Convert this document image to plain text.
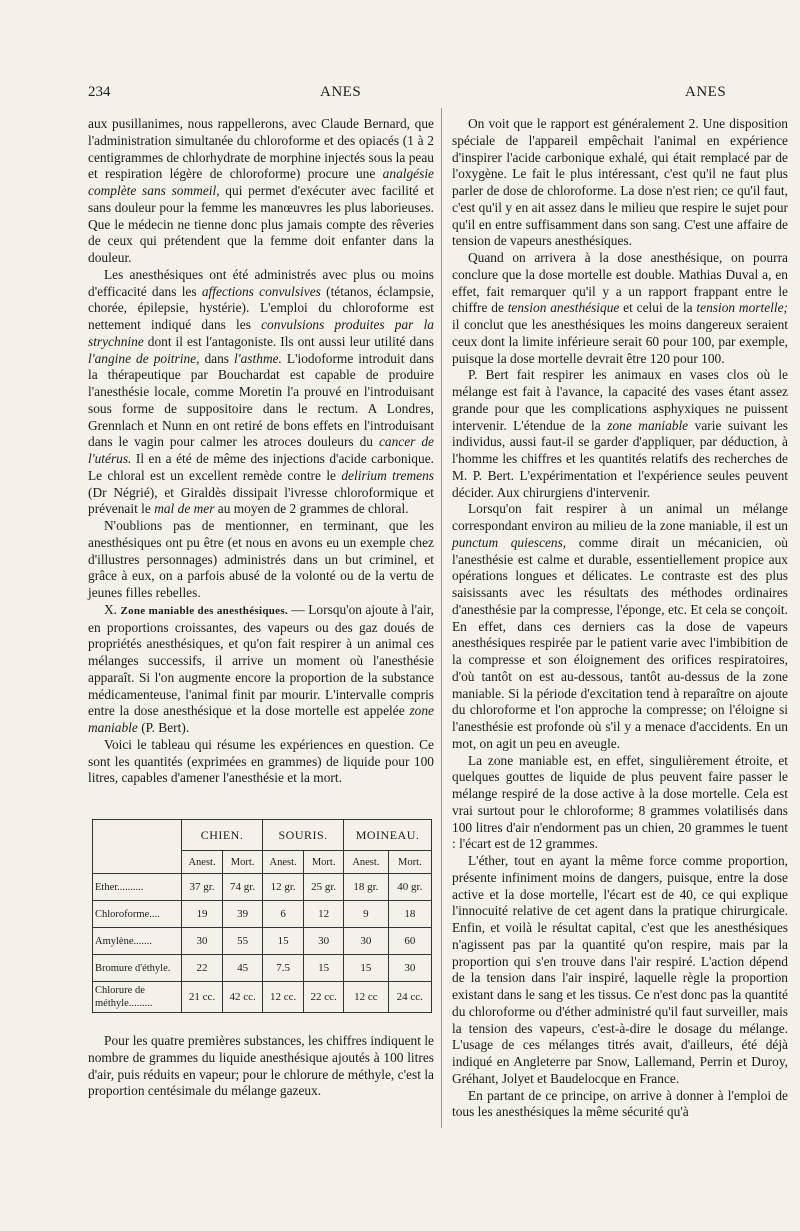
234	ANES	ANES

aux pusillanimes, nous rappellerons, avec Claude Bernard, que l'administration simultanée du chloroforme et des opiacés (1 à 2 centigrammes de chlorhydrate de morphine injectés sous la peau et respiration légère de chloroforme) procure une analgésie complète sans sommeil, qui permet d'exécuter avec facilité et sans douleur pour la femme les manœuvres les plus laborieuses. Que le médecin ne tienne donc plus jamais compte des rêveries de ceux qui prétendent que la femme doit enfanter dans la douleur.

Les anesthésiques ont été administrés avec plus ou moins d'efficacité dans les affections convulsives (tétanos, éclampsie, chorée, épilepsie, hystérie). L'emploi du chloroforme est nettement indiqué dans les convulsions produites par la strychnine dont il est l'antagoniste. Ils ont aussi leur utilité dans l'angine de poitrine, dans l'asthme. L'iodoforme introduit dans la thérapeutique par Bouchardat est capable de produire l'anesthésie locale, comme Moretin l'a prouvé en l'introduisant sous forme de suppositoire dans le rectum. A Londres, Grennlach et Nunn en ont retiré de bons effets en l'introduisant dans le vagin pour calmer les atroces douleurs du cancer de l'utérus. Il en a été de même des injections d'acide carbonique. Le chloral est un excellent remède contre le delirium tremens (Dr Négrié), et Giraldès dissipait l'ivresse chloroformique et prévenait le mal de mer au moyen de 2 grammes de chloral.

N'oublions pas de mentionner, en terminant, que les anesthésiques ont pu être (et nous en avons eu un exemple chez d'illustres personnages) administrés dans un but criminel, et grâce à eux, on a parfois abusé de la volonté ou de la vertu de jeunes filles rebelles.

X. Zone maniable des anesthésiques. — Lorsqu'on ajoute à l'air, en proportions croissantes, des vapeurs ou des gaz doués de propriétés anesthésiques, et qu'on fait respirer à un animal ces mélanges successifs, il arrive un moment où l'anesthésie apparaît. Si l'on augmente encore la proportion de la substance médicamenteuse, l'animal finit par mourir. L'intervalle compris entre la dose anesthésique et la dose mortelle est appelée zone maniable (P. Bert).

Voici le tableau qui résume les expériences en question. Ce sont les quantités (exprimées en grammes) de liquide pour 100 litres, capables d'amener l'anesthésie et la mort.

	CHIEN.		SOURIS.		MOINEAU.	
	Anest.	Mort.	Anest.	Mort.	Anest.	Mort.
Ether..........	37 gr.	74 gr.	12 gr.	25 gr.	18 gr.	40 gr.
Chloroforme....	19	39	6	12	9	18
Amylène.......	30	55	15	30	30	60
Bromure d'éthyle.	22	45	7.5	15	15	30
Chlorure de méthyle.........	21 cc.	42 cc.	12 cc.	22 cc.	12 cc	24 cc.

Pour les quatre premières substances, les chiffres indiquent le nombre de grammes du liquide anesthésique ajoutés à 100 litres d'air, puis réduits en vapeur; pour le chlorure de méthyle, c'est la proportion centésimale du mélange gazeux.

On voit que le rapport est généralement 2. Une disposition spéciale de l'appareil empêchait l'animal en expérience d'inspirer l'acide carbonique exhalé, qui était remplacé par de l'oxygène. Le fait le plus intéressant, c'est qu'il ne faut plus parler de dose de chloroforme. La dose n'est rien; ce qu'il faut, c'est qu'il y en ait assez dans le milieu que respire le sujet pour qu'il en entre suffisamment dans son sang. C'est une affaire de tension de vapeurs anesthésiques.

Quand on arrivera à la dose anesthésique, on pourra conclure que la dose mortelle est double. Mathias Duval a, en effet, fait remarquer qu'il y a un rapport frappant entre le chiffre de tension anesthésique et celui de la tension mortelle; il conclut que les anesthésiques les moins dangereux seraient ceux dont la limite inférieure serait 60 pour 100, par exemple, puisque la dose mortelle devrait être 120 pour 100.

P. Bert fait respirer les animaux en vases clos où le mélange est fait à l'avance, la capacité des vases étant assez grande pour que les complications asphyxiques ne puissent intervenir. L'étendue de la zone maniable varie suivant les individus, aussi faut-il se garder d'appliquer, par déduction, à l'homme les chiffres et les quantités relatifs des recherches de M. P. Bert. L'expérimentation et l'expérience seules peuvent décider. Aux chirurgiens d'intervenir.

Lorsqu'on fait respirer à un animal un mélange correspondant environ au milieu de la zone maniable, il est un punctum quiescens, comme dirait un mécanicien, où l'anesthésie est calme et durable, essentiellement propice aux opérations longues et délicates. Le contraste est des plus saisissants avec les résultats des méthodes ordinaires d'anesthésie par la compresse, l'éponge, etc. Et cela se conçoit. En effet, dans ces derniers cas la dose de vapeurs anesthésiques respirée par le patient varie avec l'imbibition de la compresse et son éloignement des orifices respiratoires, d'où tantôt on est au-dessous, tantôt au-dessus de la zone maniable. Si la période d'excitation tend à reparaître on ajoute du chloroforme et l'on approche la compresse; on l'éloigne si l'anesthésie est profonde où s'il y a menace d'accidents. En un mot, on agit un peu en aveugle.

La zone maniable est, en effet, singulièrement étroite, et quelques gouttes de liquide de plus peuvent faire passer le mélange respiré de la dose active à la dose mortelle. Cela est vrai surtout pour le chloroforme; 8 grammes volatilisés dans 100 litres d'air n'endorment pas un chien, 20 grammes le tuent : l'écart est de 12 grammes.

L'éther, tout en ayant la même force comme proportion, présente infiniment moins de dangers, puisque, entre la dose active et la dose mortelle, l'écart est de 40, ce qui explique l'innocuité relative de cet agent dans la pratique chirurgicale. Enfin, et voilà le résultat capital, c'est que les anesthésiques n'agissent pas par la quantité qu'on respire, mais par la proportion qui s'en trouve dans l'air respiré. L'action dépend de la tension dans l'air inspiré, laquelle règle la proportion existant dans le sang et les tissus. Ce n'est donc pas la quantité du chloroforme ou d'éther administré qu'il faut surveiller, mais la tension des vapeurs, c'est-à-dire le dosage du mélange. L'usage de ces mélanges titrés avait, d'ailleurs, été déjà indiqué en Angleterre par Snow, Lallemand, Perrin et Duroy, Gréhant, Jolyet et Baudelocque en France.

En partant de ce principe, on arrive à donner à l'emploi de tous les anesthésiques la même sécurité qu'à
